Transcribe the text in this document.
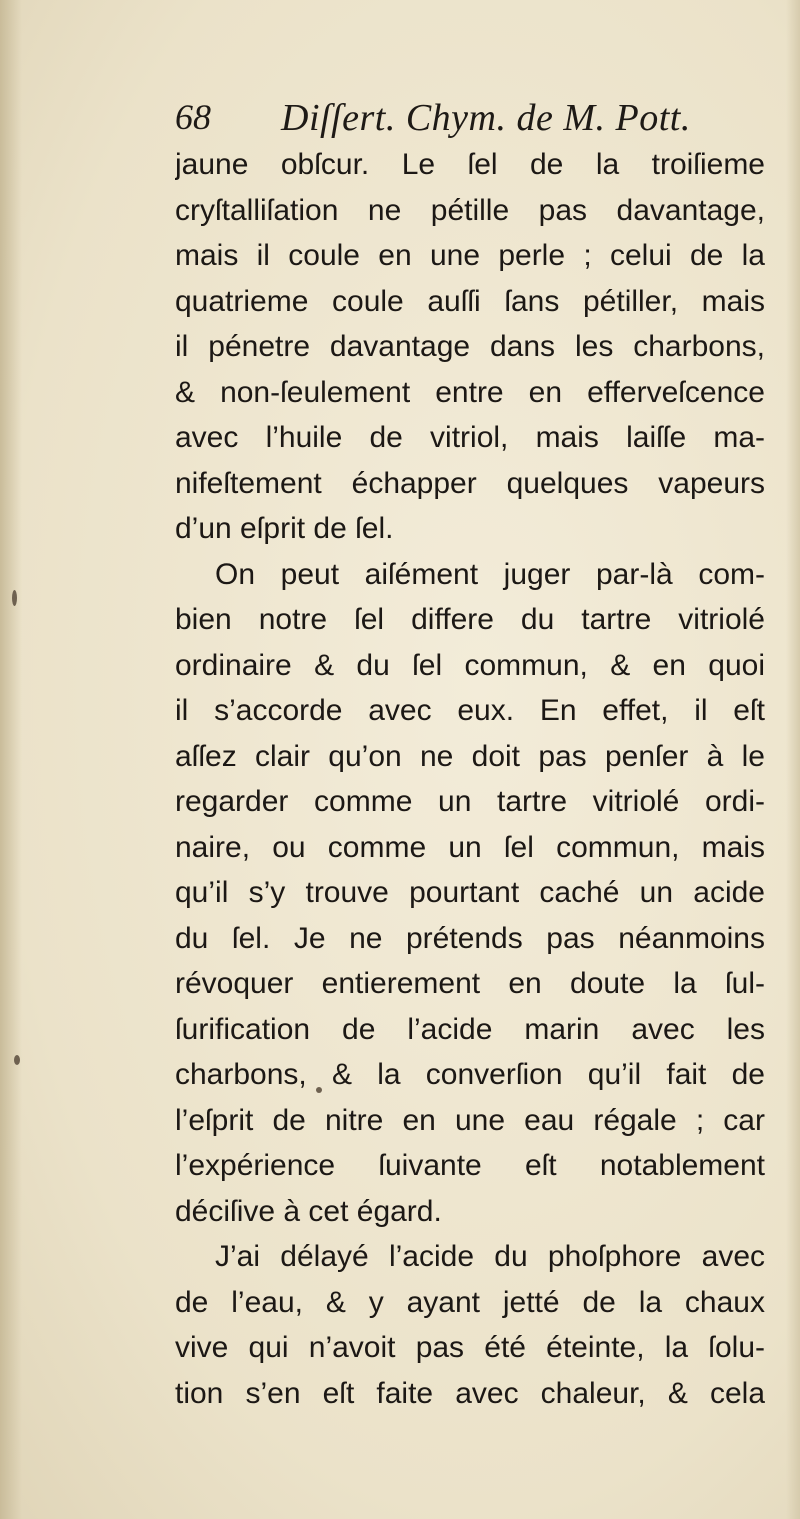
68 Diſſert. Chym. de M. Pott.
jaune obſcur. Le ſel de la troiſieme
cryſtalliſation ne pétille pas davantage,
mais il coule en une perle ; celui de la
quatrieme coule auſſi ſans pétiller, mais
il pénetre davantage dans les charbons,
& non-ſeulement entre en efferveſcence
avec l’huile de vitriol, mais laiſſe ma-
nifeſtement échapper quelques vapeurs
d’un eſprit de ſel.
On peut aiſément juger par-là com-
bien notre ſel differe du tartre vitriolé
ordinaire & du ſel commun, & en quoi
il s’accorde avec eux. En effet, il eſt
aſſez clair qu’on ne doit pas penſer à le
regarder comme un tartre vitriolé ordi-
naire, ou comme un ſel commun, mais
qu’il s’y trouve pourtant caché un acide
du ſel. Je ne prétends pas néanmoins
révoquer entierement en doute la ſul-
ſurification de l’acide marin avec les
charbons, & la converſion qu’il fait de
l’eſprit de nitre en une eau régale ; car
l’expérience ſuivante eſt notablement
déciſive à cet égard.
J’ai délayé l’acide du phoſphore avec
de l’eau, & y ayant jetté de la chaux
vive qui n’avoit pas été éteinte, la ſolu-
tion s’en eſt faite avec chaleur, & cela
